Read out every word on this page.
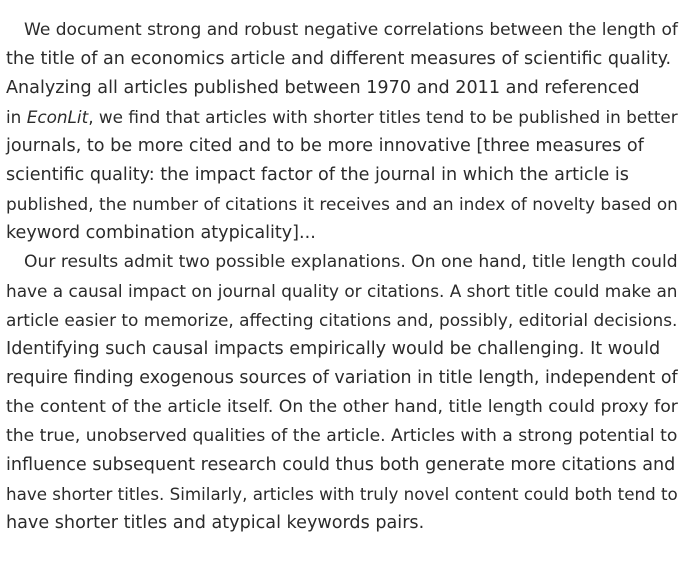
We document strong and robust negative correlations between the length of
the title of an economics article and different measures of scientific quality.
Analyzing all articles published between 1970 and 2011 and referenced
in EconLit, we find that articles with shorter titles tend to be published in better
journals, to be more cited and to be more innovative [three measures of
scientific quality: the impact factor of the journal in which the article is
published, the number of citations it receives and an index of novelty based on
keyword combination atypicality]...
Our results admit two possible explanations. On one hand, title length could
have a causal impact on journal quality or citations. A short title could make an
article easier to memorize, affecting citations and, possibly, editorial decisions.
Identifying such causal impacts empirically would be challenging. It would
require finding exogenous sources of variation in title length, independent of
the content of the article itself. On the other hand, title length could proxy for
the true, unobserved qualities of the article. Articles with a strong potential to
influence subsequent research could thus both generate more citations and
have shorter titles. Similarly, articles with truly novel content could both tend to
have shorter titles and atypical keywords pairs.
